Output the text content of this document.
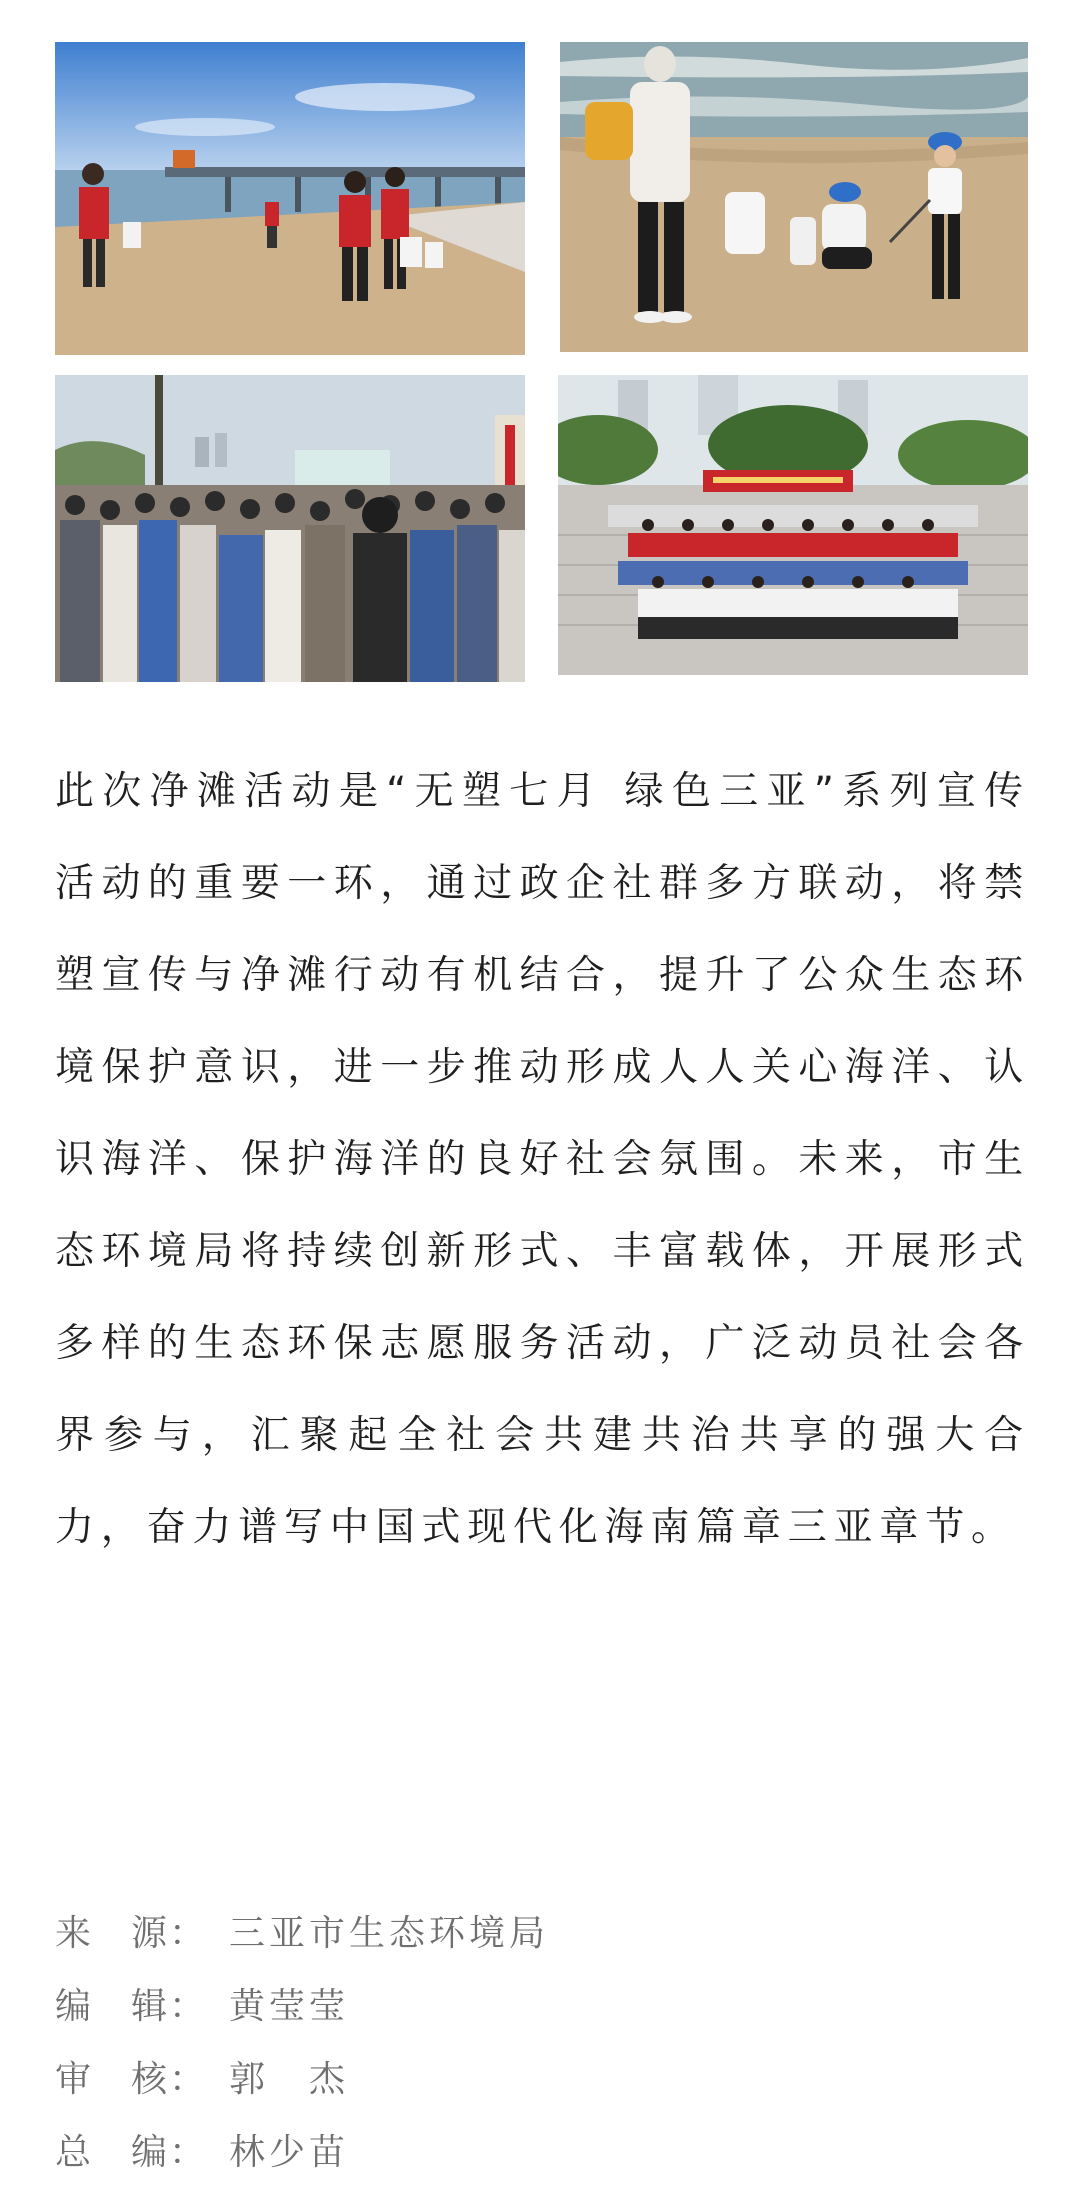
此次净滩活动是“无塑七月 绿色三亚”系列宣传活动的重要一环，通过政企社群多方联动，将禁塑宣传与净滩行动有机结合，提升了公众生态环境保护意识，进一步推动形成人人关心海洋、认识海洋、保护海洋的良好社会氛围。未来，市生态环境局将持续创新形式、丰富载体，开展形式多样的生态环保志愿服务活动，广泛动员社会各界参与，汇聚起全社会共建共治共享的强大合力，奋力谱写中国式现代化海南篇章三亚章节。

来　源： 三亚市生态环境局
编　辑： 黄莹莹
审　核： 郭　杰
总　编： 林少苗
